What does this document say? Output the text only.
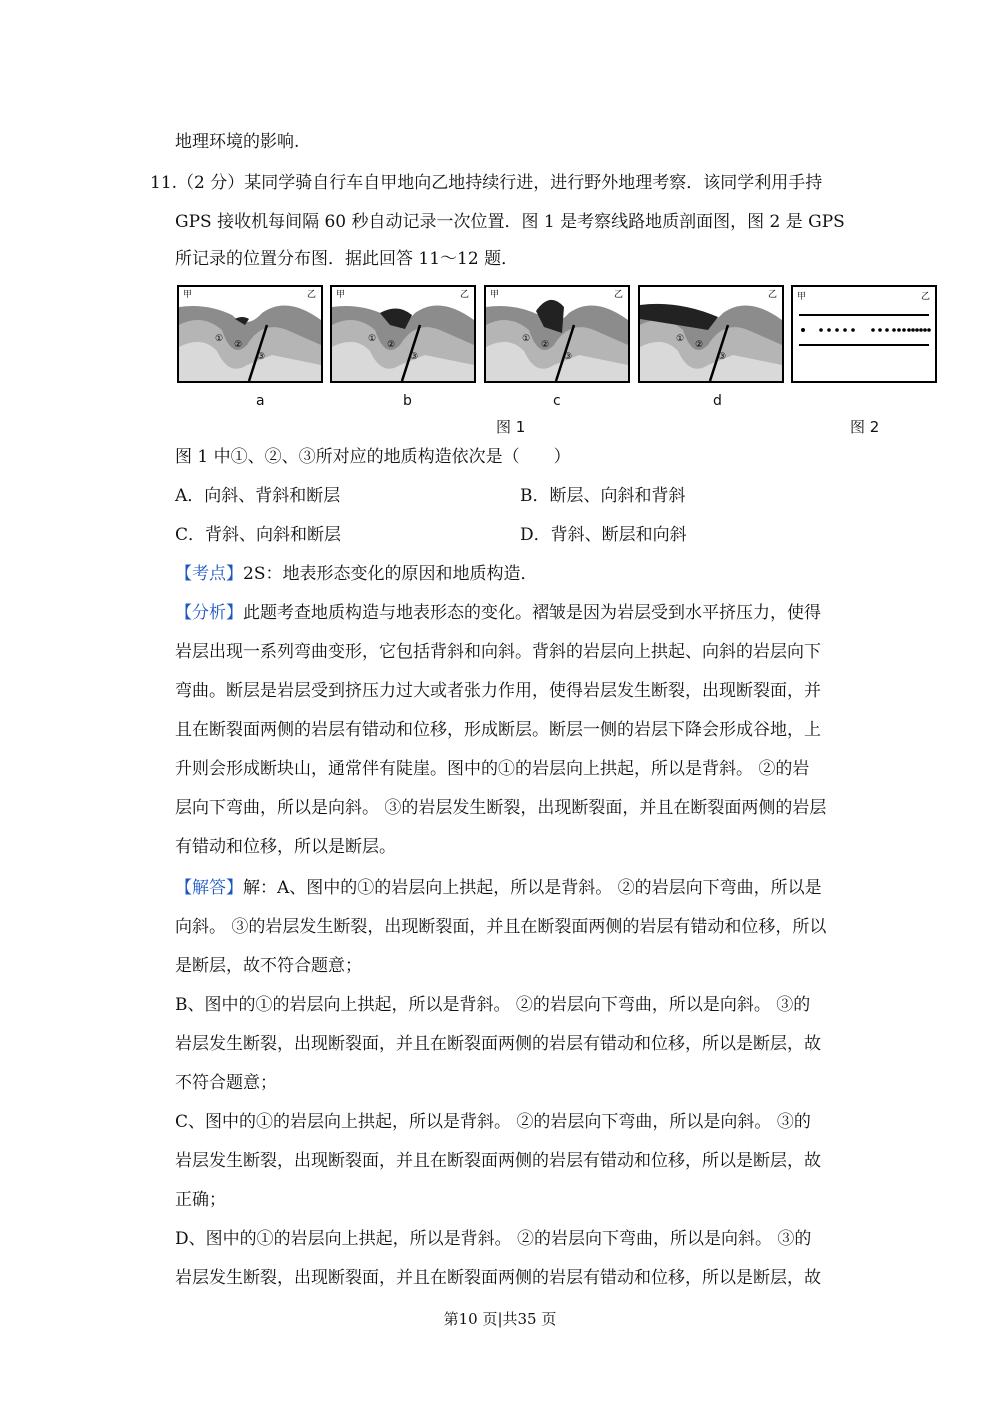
地理环境的影响.
11.（2 分）某同学骑自行车自甲地向乙地持续行进，进行野外地理考察．该同学利用手持
GPS 接收机每间隔 60 秒自动记录一次位置．图 1 是考察线路地质剖面图，图 2 是 GPS
所记录的位置分布图．据此回答 11～12 题．
甲	乙
①
②
③
甲	乙
①
②
③
甲	乙
①
②
③
甲	乙
①
②
③
甲	乙
a	b	c	d
图 1	图 2
图 1 中①、②、③所对应的地质构造依次是（　　）
A．向斜、背斜和断层	B．断层、向斜和背斜
C．背斜、向斜和断层	D．背斜、断层和向斜
【考点】2S：地表形态变化的原因和地质构造．
【分析】此题考查地质构造与地表形态的变化。褶皱是因为岩层受到水平挤压力，使得
岩层出现一系列弯曲变形，它包括背斜和向斜。背斜的岩层向上拱起、向斜的岩层向下
弯曲。断层是岩层受到挤压力过大或者张力作用，使得岩层发生断裂，出现断裂面，并
且在断裂面两侧的岩层有错动和位移，形成断层。断层一侧的岩层下降会形成谷地，上
升则会形成断块山，通常伴有陡崖。图中的①的岩层向上拱起，所以是背斜。 ②的岩
层向下弯曲，所以是向斜。 ③的岩层发生断裂，出现断裂面，并且在断裂面两侧的岩层
有错动和位移，所以是断层。
【解答】解：A、图中的①的岩层向上拱起，所以是背斜。 ②的岩层向下弯曲，所以是
向斜。 ③的岩层发生断裂，出现断裂面，并且在断裂面两侧的岩层有错动和位移，所以
是断层，故不符合题意；
B、图中的①的岩层向上拱起，所以是背斜。 ②的岩层向下弯曲，所以是向斜。 ③的
岩层发生断裂，出现断裂面，并且在断裂面两侧的岩层有错动和位移，所以是断层，故
不符合题意；
C、图中的①的岩层向上拱起，所以是背斜。 ②的岩层向下弯曲，所以是向斜。 ③的
岩层发生断裂，出现断裂面，并且在断裂面两侧的岩层有错动和位移，所以是断层，故
正确；
D、图中的①的岩层向上拱起，所以是背斜。 ②的岩层向下弯曲，所以是向斜。 ③的
岩层发生断裂，出现断裂面，并且在断裂面两侧的岩层有错动和位移，所以是断层，故
第10 页|共35 页
